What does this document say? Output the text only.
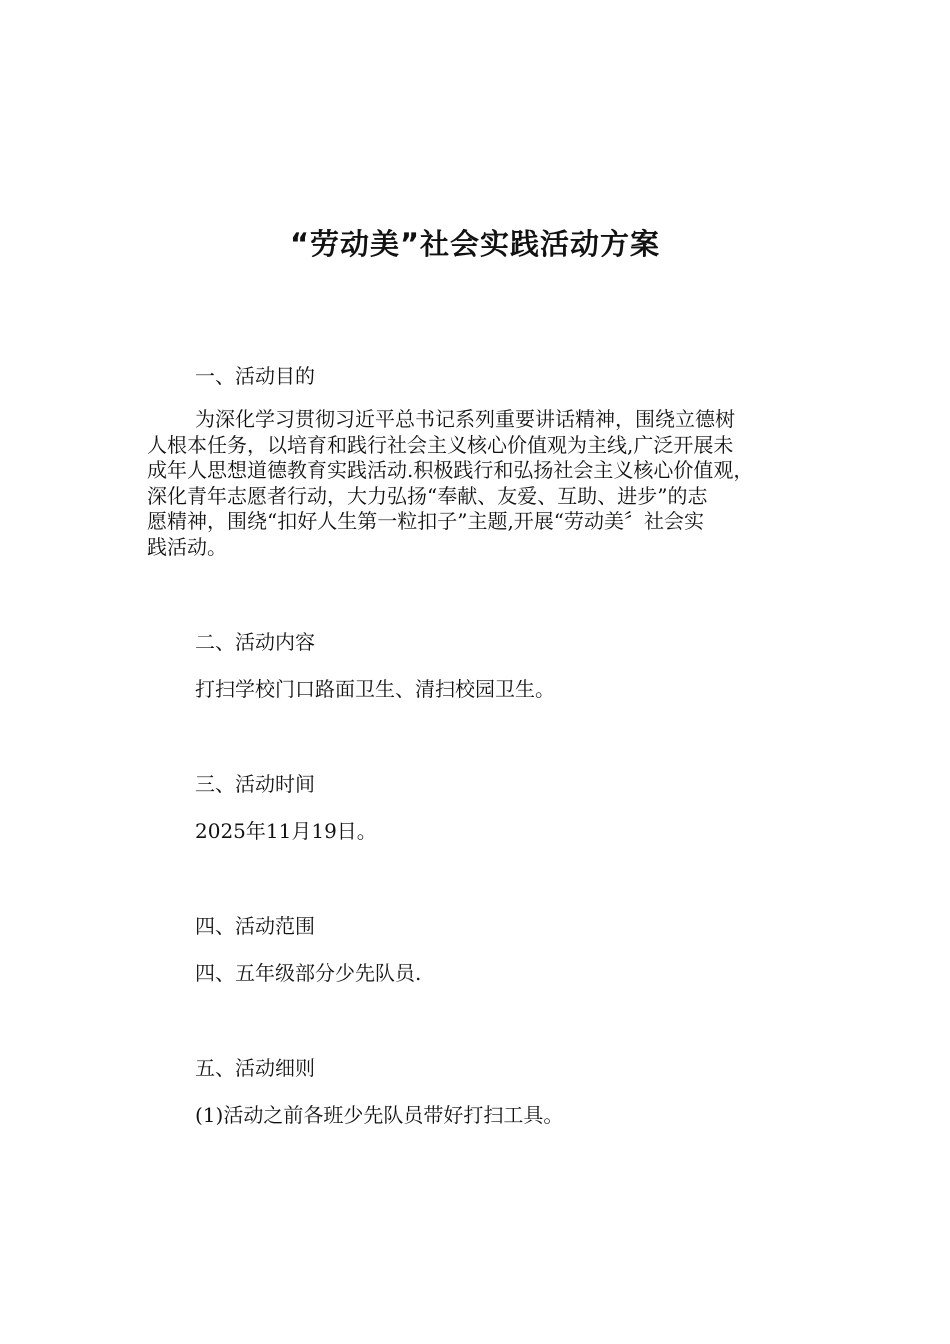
“劳动美”社会实践活动方案
一、活动目的
为深化学习贯彻习近平总书记系列重要讲话精神，围绕立德树
人根本任务，以培育和践行社会主义核心价值观为主线,广泛开展未
成年人思想道德教育实践活动.积极践行和弘扬社会主义核心价值观，
深化青年志愿者行动，大力弘扬“奉献、友爱、互助、进步”的志
愿精神，围绕“扣好人生第一粒扣子”主题,开展“劳动美〞社会实
践活动。
二、活动内容
打扫学校门口路面卫生、清扫校园卫生。
三、活动时间
2025年11月19日。
四、活动范围
四、五年级部分少先队员.
五、活动细则
(1)活动之前各班少先队员带好打扫工具。
